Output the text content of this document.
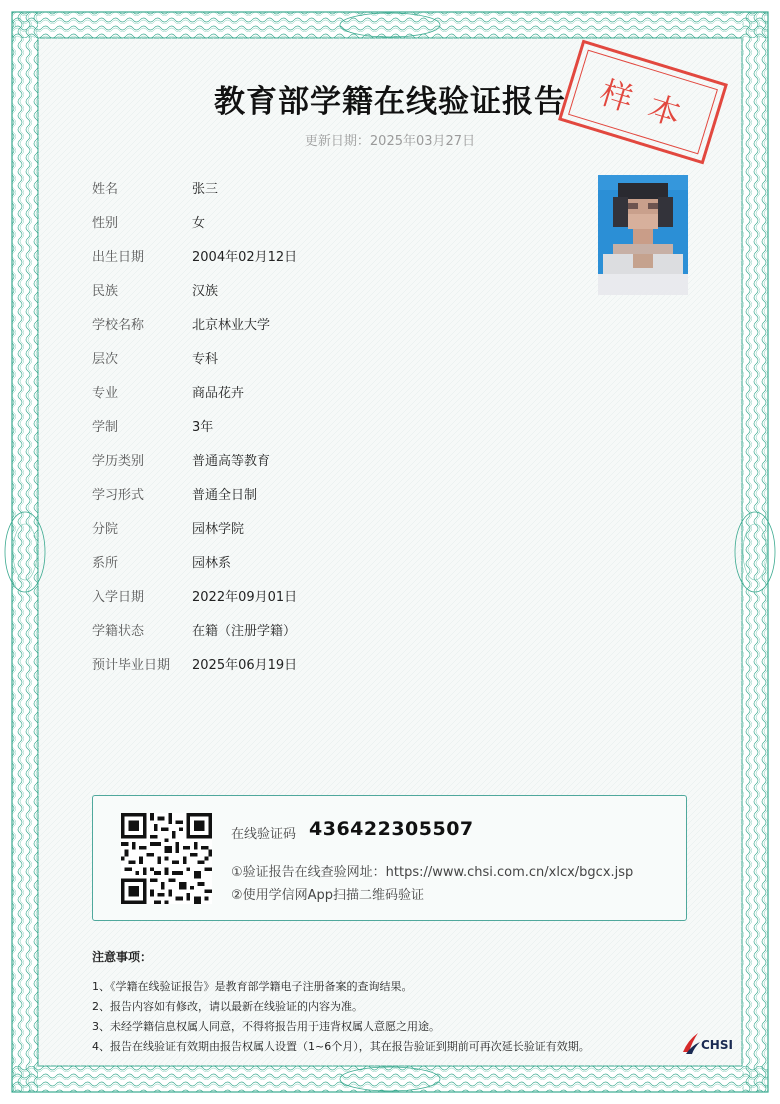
教育部学籍在线验证报告
更新日期：2025年03月27日
样本
姓名	张三
性别	女
出生日期	2004年02月12日
民族	汉族
学校名称	北京林业大学
层次	专科
专业	商品花卉
学制	3年
学历类别	普通高等教育
学习形式	普通全日制
分院	园林学院
系所	园林系
入学日期	2022年09月01日
学籍状态	在籍（注册学籍）
预计毕业日期	2025年06月19日
在线验证码 436422305507
①验证报告在线查验网址：https://www.chsi.com.cn/xlcx/bgcx.jsp
②使用学信网App扫描二维码验证
注意事项：
1、《学籍在线验证报告》是教育部学籍电子注册备案的查询结果。
2、报告内容如有修改，请以最新在线验证的内容为准。
3、未经学籍信息权属人同意，不得将报告用于违背权属人意愿之用途。
4、报告在线验证有效期由报告权属人设置（1~6个月），其在报告验证到期前可再次延长验证有效期。	CHSI
